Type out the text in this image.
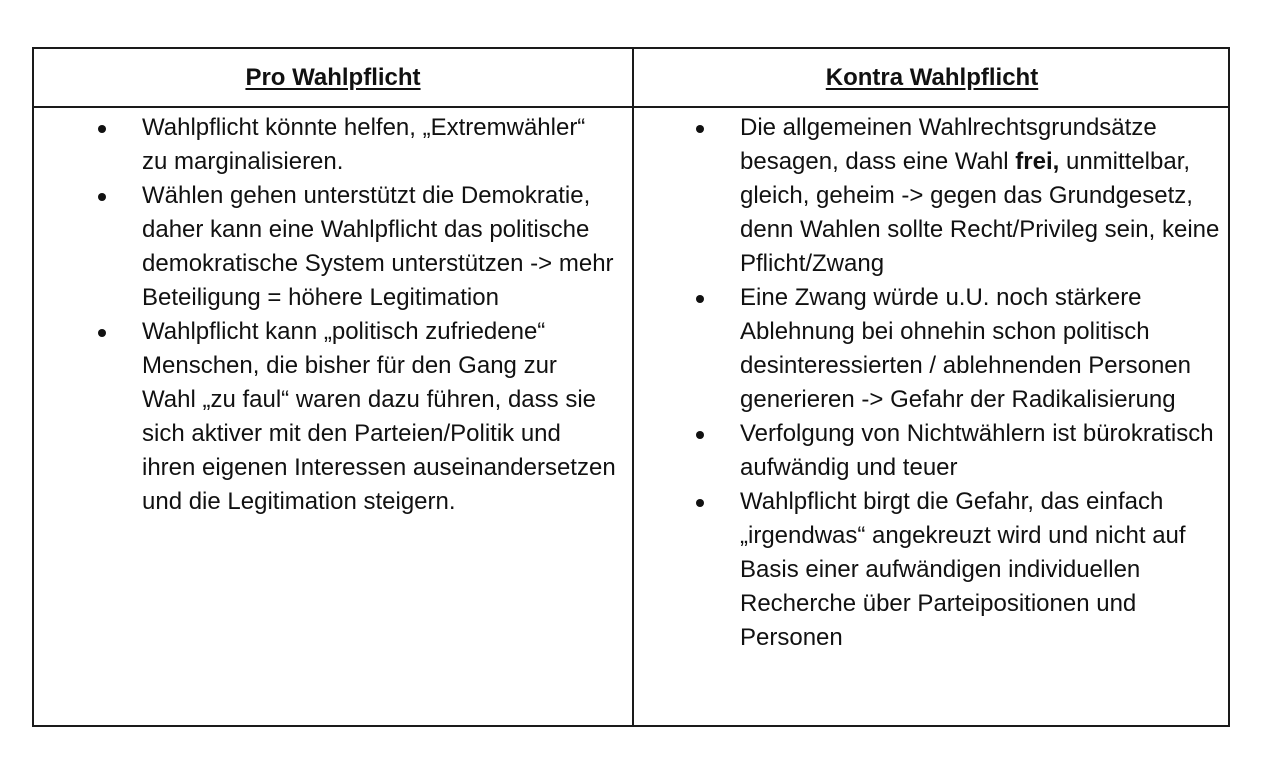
Pro Wahlpflicht	Kontra Wahlpflicht
Wahlpflicht könnte helfen, „Extremwähler“ zu marginalisieren.
Wählen gehen unterstützt die Demokratie, daher kann eine Wahlpflicht das politische demokratische System unterstützen -> mehr Beteiligung = höhere Legitimation
Wahlpflicht kann „politisch zufriedene“ Menschen, die bisher für den Gang zur Wahl „zu faul“ waren dazu führen, dass sie sich aktiver mit den Parteien/Politik und ihren eigenen Interessen auseinandersetzen und die Legitimation steigern.
Die allgemeinen Wahlrechtsgrundsätze besagen, dass eine Wahl frei, unmittelbar, gleich, geheim -> gegen das Grundgesetz, denn Wahlen sollte Recht/Privileg sein, keine Pflicht/Zwang
Eine Zwang würde u.U. noch stärkere Ablehnung bei ohnehin schon politisch desinteressierten / ablehnenden Personen generieren -> Gefahr der Radikalisierung
Verfolgung von Nichtwählern ist bürokratisch aufwändig und teuer
Wahlpflicht birgt die Gefahr, das einfach „irgendwas“ angekreuzt wird und nicht auf Basis einer aufwändigen individuellen Recherche über Parteipositionen und Personen
